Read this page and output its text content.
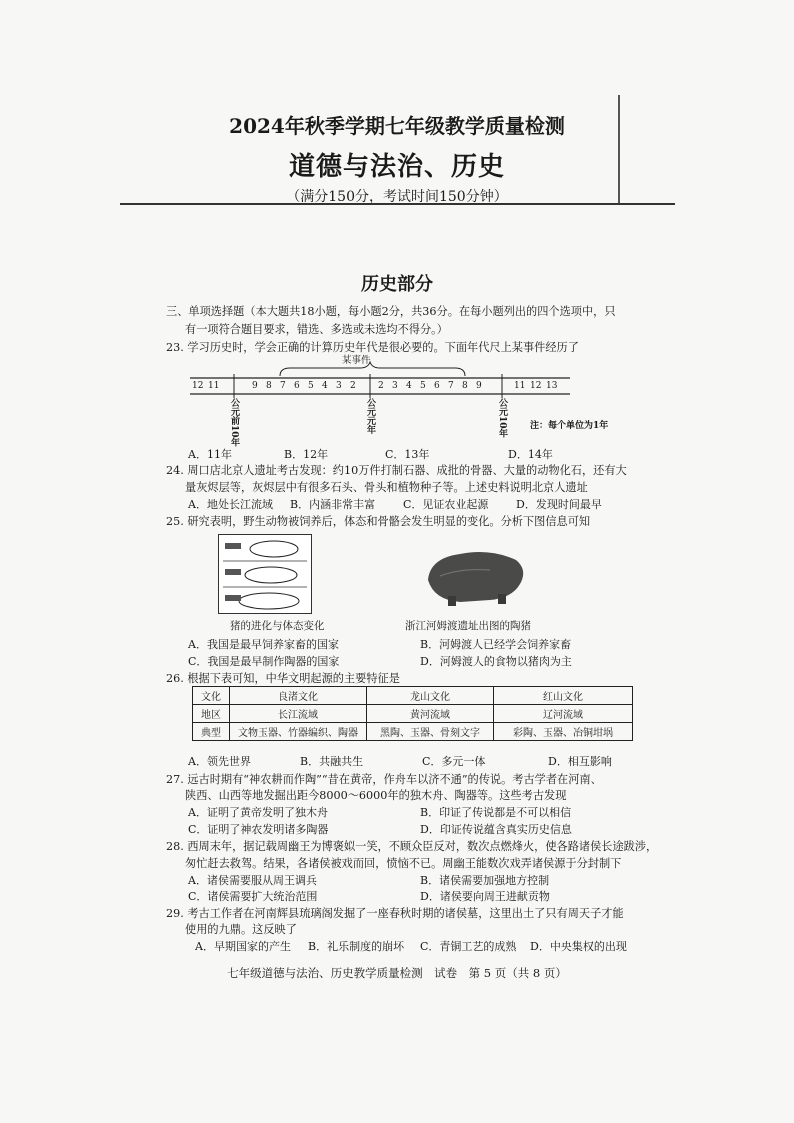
2024年秋季学期七年级教学质量检测
道德与法治、历史
（满分150分，考试时间150分钟）
历史部分
三、单项选择题（本大题共18小题，每小题2分，共36分。在每小题列出的四个选项中，只
有一项符合题目要求，错选、多选或未选均不得分。）
23. 学习历史时，学会正确的计算历史年代是很必要的。下面年代尺上某事件经历了
某事件
12 11	9 8 7 6 5 4 3 2	2 3 4 5 6 7 8 9	11 12 13
公元前10年	公元元年	公元10年	注：每个单位为1年
A．11年	B．12年	C．13年	D．14年
24. 周口店北京人遗址考古发现：约10万件打制石器、成批的骨器、大量的动物化石，还有大
量灰烬层等，灰烬层中有很多石头、骨头和植物种子等。上述史料说明北京人遗址
A．地处长江流域 B．内涵非常丰富	C．见证农业起源	D．发现时间最早
25. 研究表明，野生动物被饲养后，体态和骨骼会发生明显的变化。分析下图信息可知
猪的进化与体态变化	浙江河姆渡遗址出图的陶猪
A．我国是最早饲养家畜的国家	B．河姆渡人已经学会饲养家畜
C．我国是最早制作陶器的国家	D．河姆渡人的食物以猪肉为主
26. 根据下表可知，中华文明起源的主要特征是
文化	良渚文化	龙山文化	红山文化
地区	长江流域	黄河流域	辽河流域
典型	文物玉器、竹器编织、陶器	黑陶、玉器、骨刻文字	彩陶、玉器、冶铜坩埚
A．领先世界	B．共融共生	C．多元一体	D．相互影响
27. 远古时期有“神农耕而作陶”“昔在黄帝，作舟车以济不通”的传说。考古学者在河南、
陕西、山西等地发掘出距今8000～6000年的独木舟、陶器等。这些考古发现
A．证明了黄帝发明了独木舟	B．印证了传说都是不可以相信
C．证明了神农发明诸多陶器	D．印证传说蕴含真实历史信息
28. 西周末年，据记载周幽王为博褒姒一笑，不顾众臣反对，数次点燃烽火，使各路诸侯长途跋涉，
匆忙赶去救驾。结果，各诸侯被戏而回，愤恼不已。周幽王能数次戏弄诸侯源于分封制下
A．诸侯需要服从周王调兵	B．诸侯需要加强地方控制
C．诸侯需要扩大统治范围	D．诸侯要向周王进献贡物
29. 考古工作者在河南辉县琉璃阁发掘了一座春秋时期的诸侯墓，这里出土了只有周天子才能
使用的九鼎。这反映了
A．早期国家的产生 B．礼乐制度的崩坏 C．青铜工艺的成熟 D．中央集权的出现
七年级道德与法治、历史教学质量检测　试卷　第 5 页（共 8 页）
